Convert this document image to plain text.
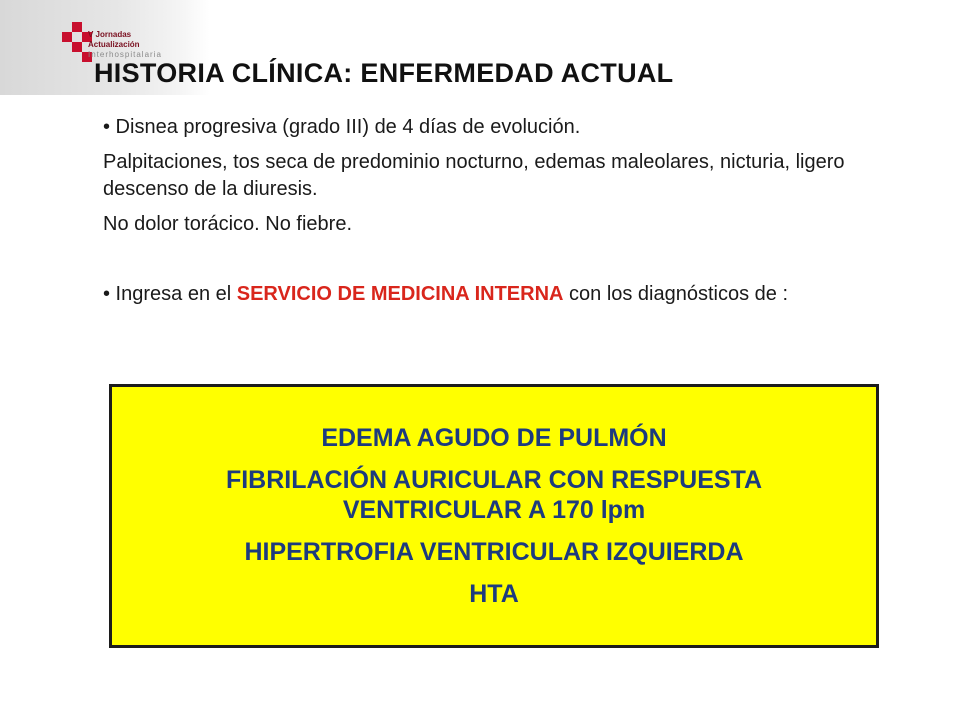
V Jornadas
Actualización
Interhospitalaria
HISTORIA CLÍNICA: ENFERMEDAD ACTUAL

• Disnea progresiva (grado III) de 4 días de evolución.

Palpitaciones, tos seca de predominio nocturno, edemas maleolares, nicturia, ligero descenso de la diuresis.

No dolor torácico. No fiebre.

• Ingresa en el SERVICIO DE MEDICINA INTERNA con los diagnósticos de :

EDEMA AGUDO DE PULMÓN
FIBRILACIÓN AURICULAR CON RESPUESTA VENTRICULAR A 170 lpm
HIPERTROFIA VENTRICULAR IZQUIERDA
HTA
